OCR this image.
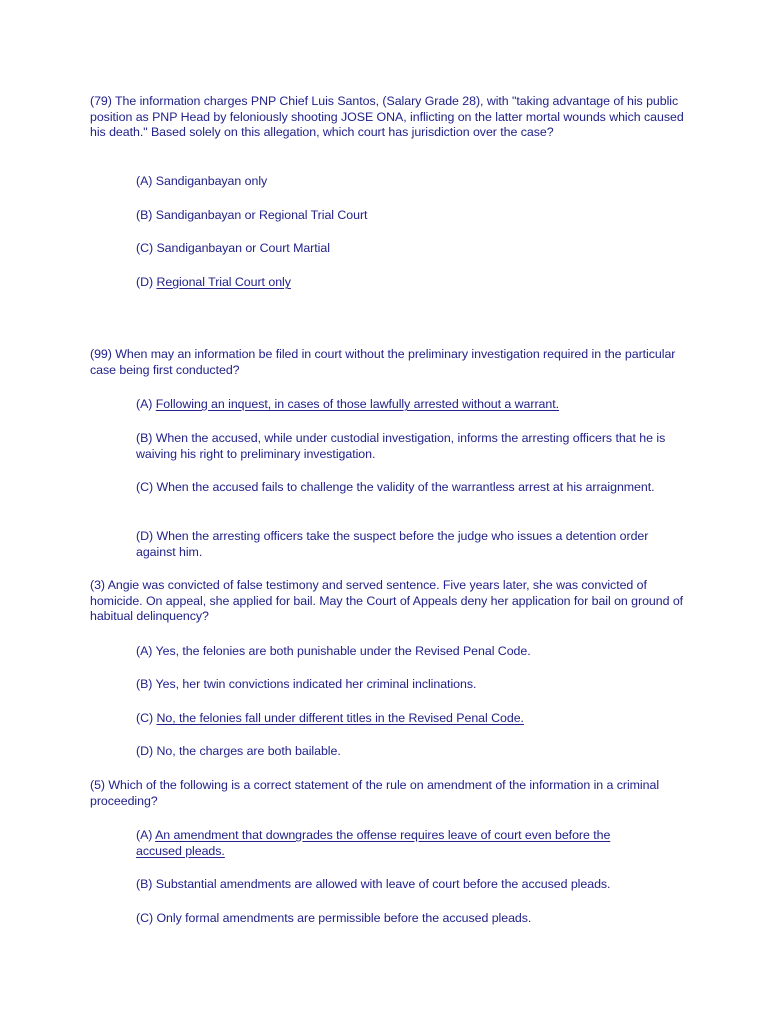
(79) The information charges PNP Chief Luis Santos, (Salary Grade 28), with "taking advantage of his public position as PNP Head by feloniously shooting JOSE ONA, inflicting on the latter mortal wounds which caused his death." Based solely on this allegation, which court has jurisdiction over the case?

(A) Sandiganbayan only
(B) Sandiganbayan or Regional Trial Court
(C) Sandiganbayan or Court Martial
(D) Regional Trial Court only

(99) When may an information be filed in court without the preliminary investigation required in the particular case being first conducted?

(A) Following an inquest, in cases of those lawfully arrested without a warrant.
(B) When the accused, while under custodial investigation, informs the arresting officers that he is waiving his right to preliminary investigation.
(C) When the accused fails to challenge the validity of the warrantless arrest at his arraignment.
(D) When the arresting officers take the suspect before the judge who issues a detention order against him.

(3) Angie was convicted of false testimony and served sentence. Five years later, she was convicted of homicide. On appeal, she applied for bail. May the Court of Appeals deny her application for bail on ground of habitual delinquency?

(A) Yes, the felonies are both punishable under the Revised Penal Code.
(B) Yes, her twin convictions indicated her criminal inclinations.
(C) No, the felonies fall under different titles in the Revised Penal Code.
(D) No, the charges are both bailable.

(5) Which of the following is a correct statement of the rule on amendment of the information in a criminal proceeding?

(A) An amendment that downgrades the offense requires leave of court even before the accused pleads.
(B) Substantial amendments are allowed with leave of court before the accused pleads.
(C) Only formal amendments are permissible before the accused pleads.
